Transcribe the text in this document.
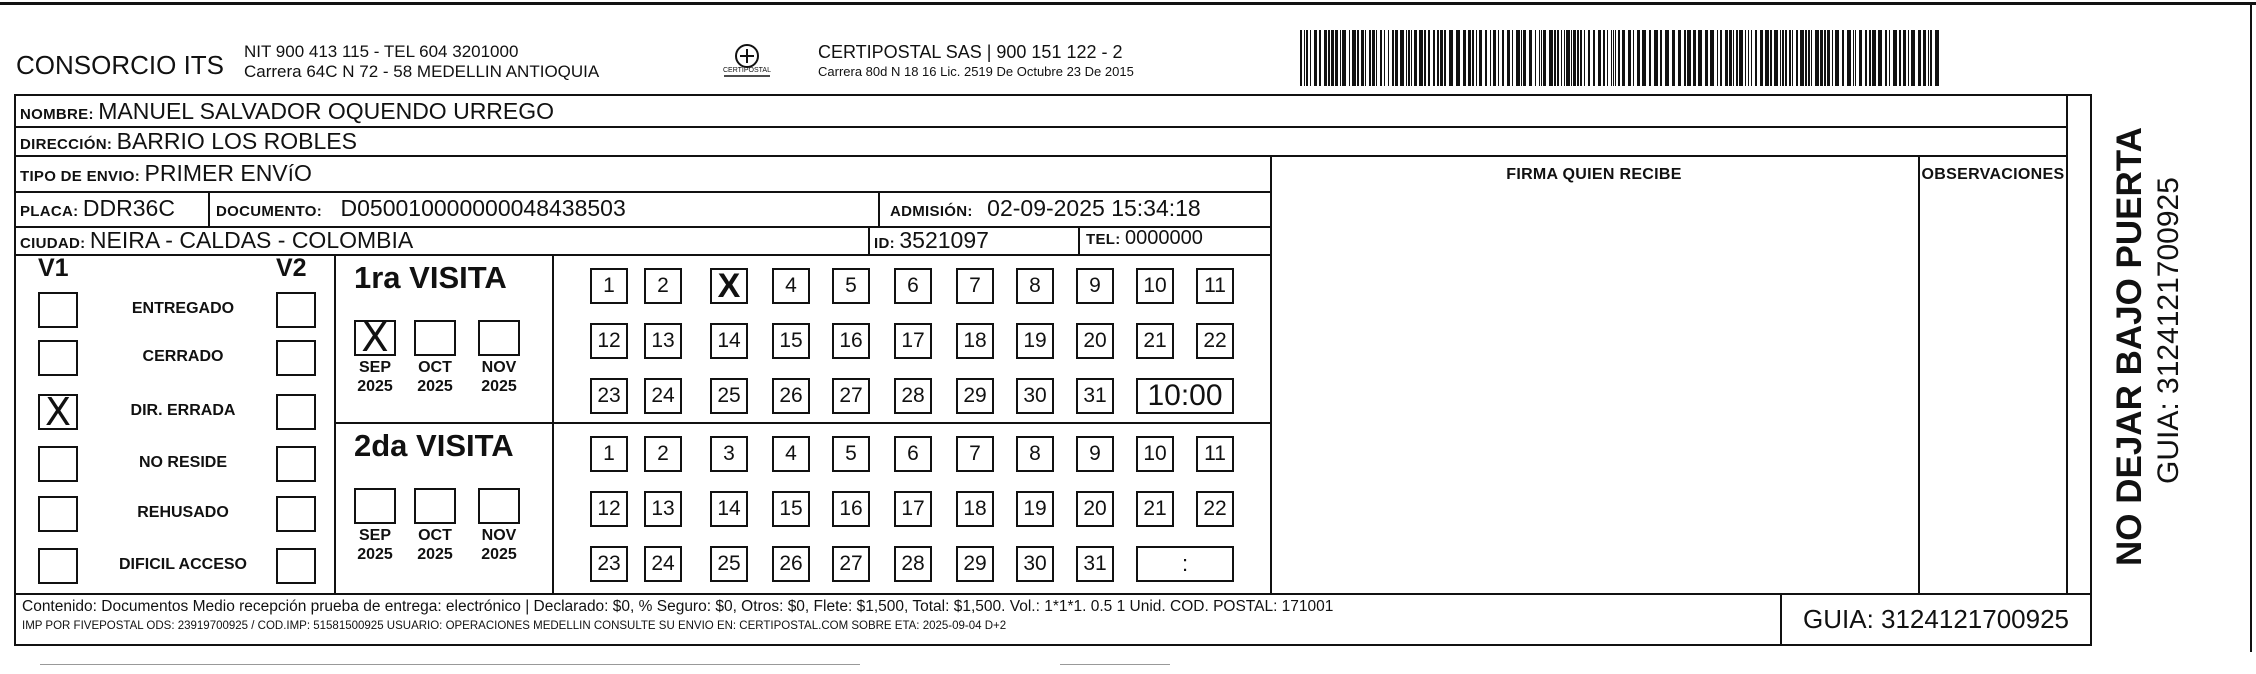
CONSORCIO ITS NIT 900 413 115 - TEL 604 3201000
Carrera 64C N 72 - 58 MEDELLIN ANTIOQUIA	CERTIPOSTAL
CERTIPOSTAL SAS | 900 151 122 - 2
Carrera 80d N 18 16 Lic. 2519 De Octubre 23 De 2015
NOMBRE: MANUEL SALVADOR OQUENDO URREGO
DIRECCIÓN: BARRIO LOS ROBLES
TIPO DE ENVIO: PRIMER ENVíO
PLACA: DDR36C	DOCUMENTO: D050010000000048438503	ADMISIÓN: 02-09-2025 15:34:18
CIUDAD: NEIRA - CALDAS - COLOMBIA	ID: 3521097	TEL: 0000000
FIRMA QUIEN RECIBE	OBSERVACIONES
V1	V2
ENTREGADO
CERRADO
X	DIR. ERRADA
NO RESIDE
REHUSADO
DIFICIL ACCESO
1ra VISITA
2da VISITA
X
SEP
2025
OCT
2025
NOV
2025
SEP
2025
OCT
2025
NOV
2025
1	2	X	4	5	6	7	8	9	10	11
12	13	14	15	16	17	18	19	20	21	22
23	24	25	26	27	28	29	30	31	10:00
1	2	3	4	5	6	7	8	9	10	11
12	13	14	15	16	17	18	19	20	21	22
23	24	25	26	27	28	29	30	31	:
Contenido: Documentos Medio recepción prueba de entrega: electrónico | Declarado: $0, % Seguro: $0, Otros: $0, Flete: $1,500, Total: $1,500. Vol.: 1*1*1. 0.5 1 Unid. COD. POSTAL: 171001
IMP POR FIVEPOSTAL ODS: 23919700925 / COD.IMP: 51581500925 USUARIO: OPERACIONES MEDELLIN CONSULTE SU ENVIO EN: CERTIPOSTAL.COM SOBRE ETA: 2025-09-04 D+2	GUIA: 3124121700925
NO DEJAR BAJO PUERTA GUIA: 3124121700925
